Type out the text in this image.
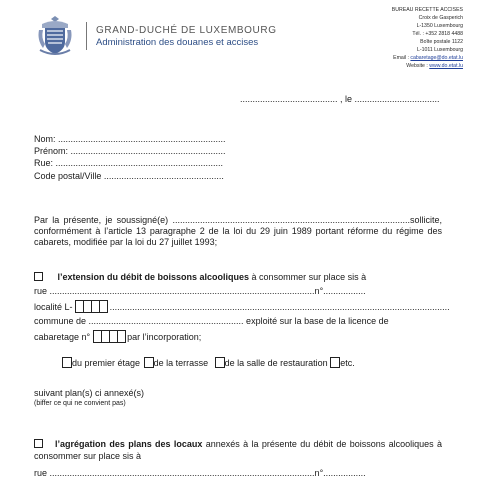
GRAND-DUCHÉ DE LUXEMBOURG
Administration des douanes et accises
BUREAU RECETTE ACCISES
Croix de Gasperich
L-1350 Luxembourg
Tél. : +352 2818 4488
Boîte postale 1122
L-1011 Luxembourg
Email : cabaretage@do.etat.lu
Website : www.do.etat.lu
....................................... , le ..................................
Nom: ...................................................................
Prénom: ..............................................................
Rue: ...................................................................
Code postal/Ville ................................................
Par la présente, je soussigné(e) ...............................................................................................sollicite, conformément à l’article 13 paragraphe 2 de la loi du 29 juin 1989 portant réforme du régime des cabarets, modifiée par la loi du 27 juillet 1993;
l’extension du débit de boissons alcooliques à consommer sur place sis à
rue ..........................................................................................................n°.................
localité L-	........................................................................................................................................
commune de .............................................................. exploité sur la base de la licence de
cabaretage n°	par l’incorporation;
du premier étage de la terrasse de la salle de restauration etc.
suivant plan(s) ci annexé(s)
(biffer ce qui ne convient pas)
l’agrégation des plans des locaux annexés à la présente du débit de boissons alcooliques à consommer sur place sis à
rue ..........................................................................................................n°.................
